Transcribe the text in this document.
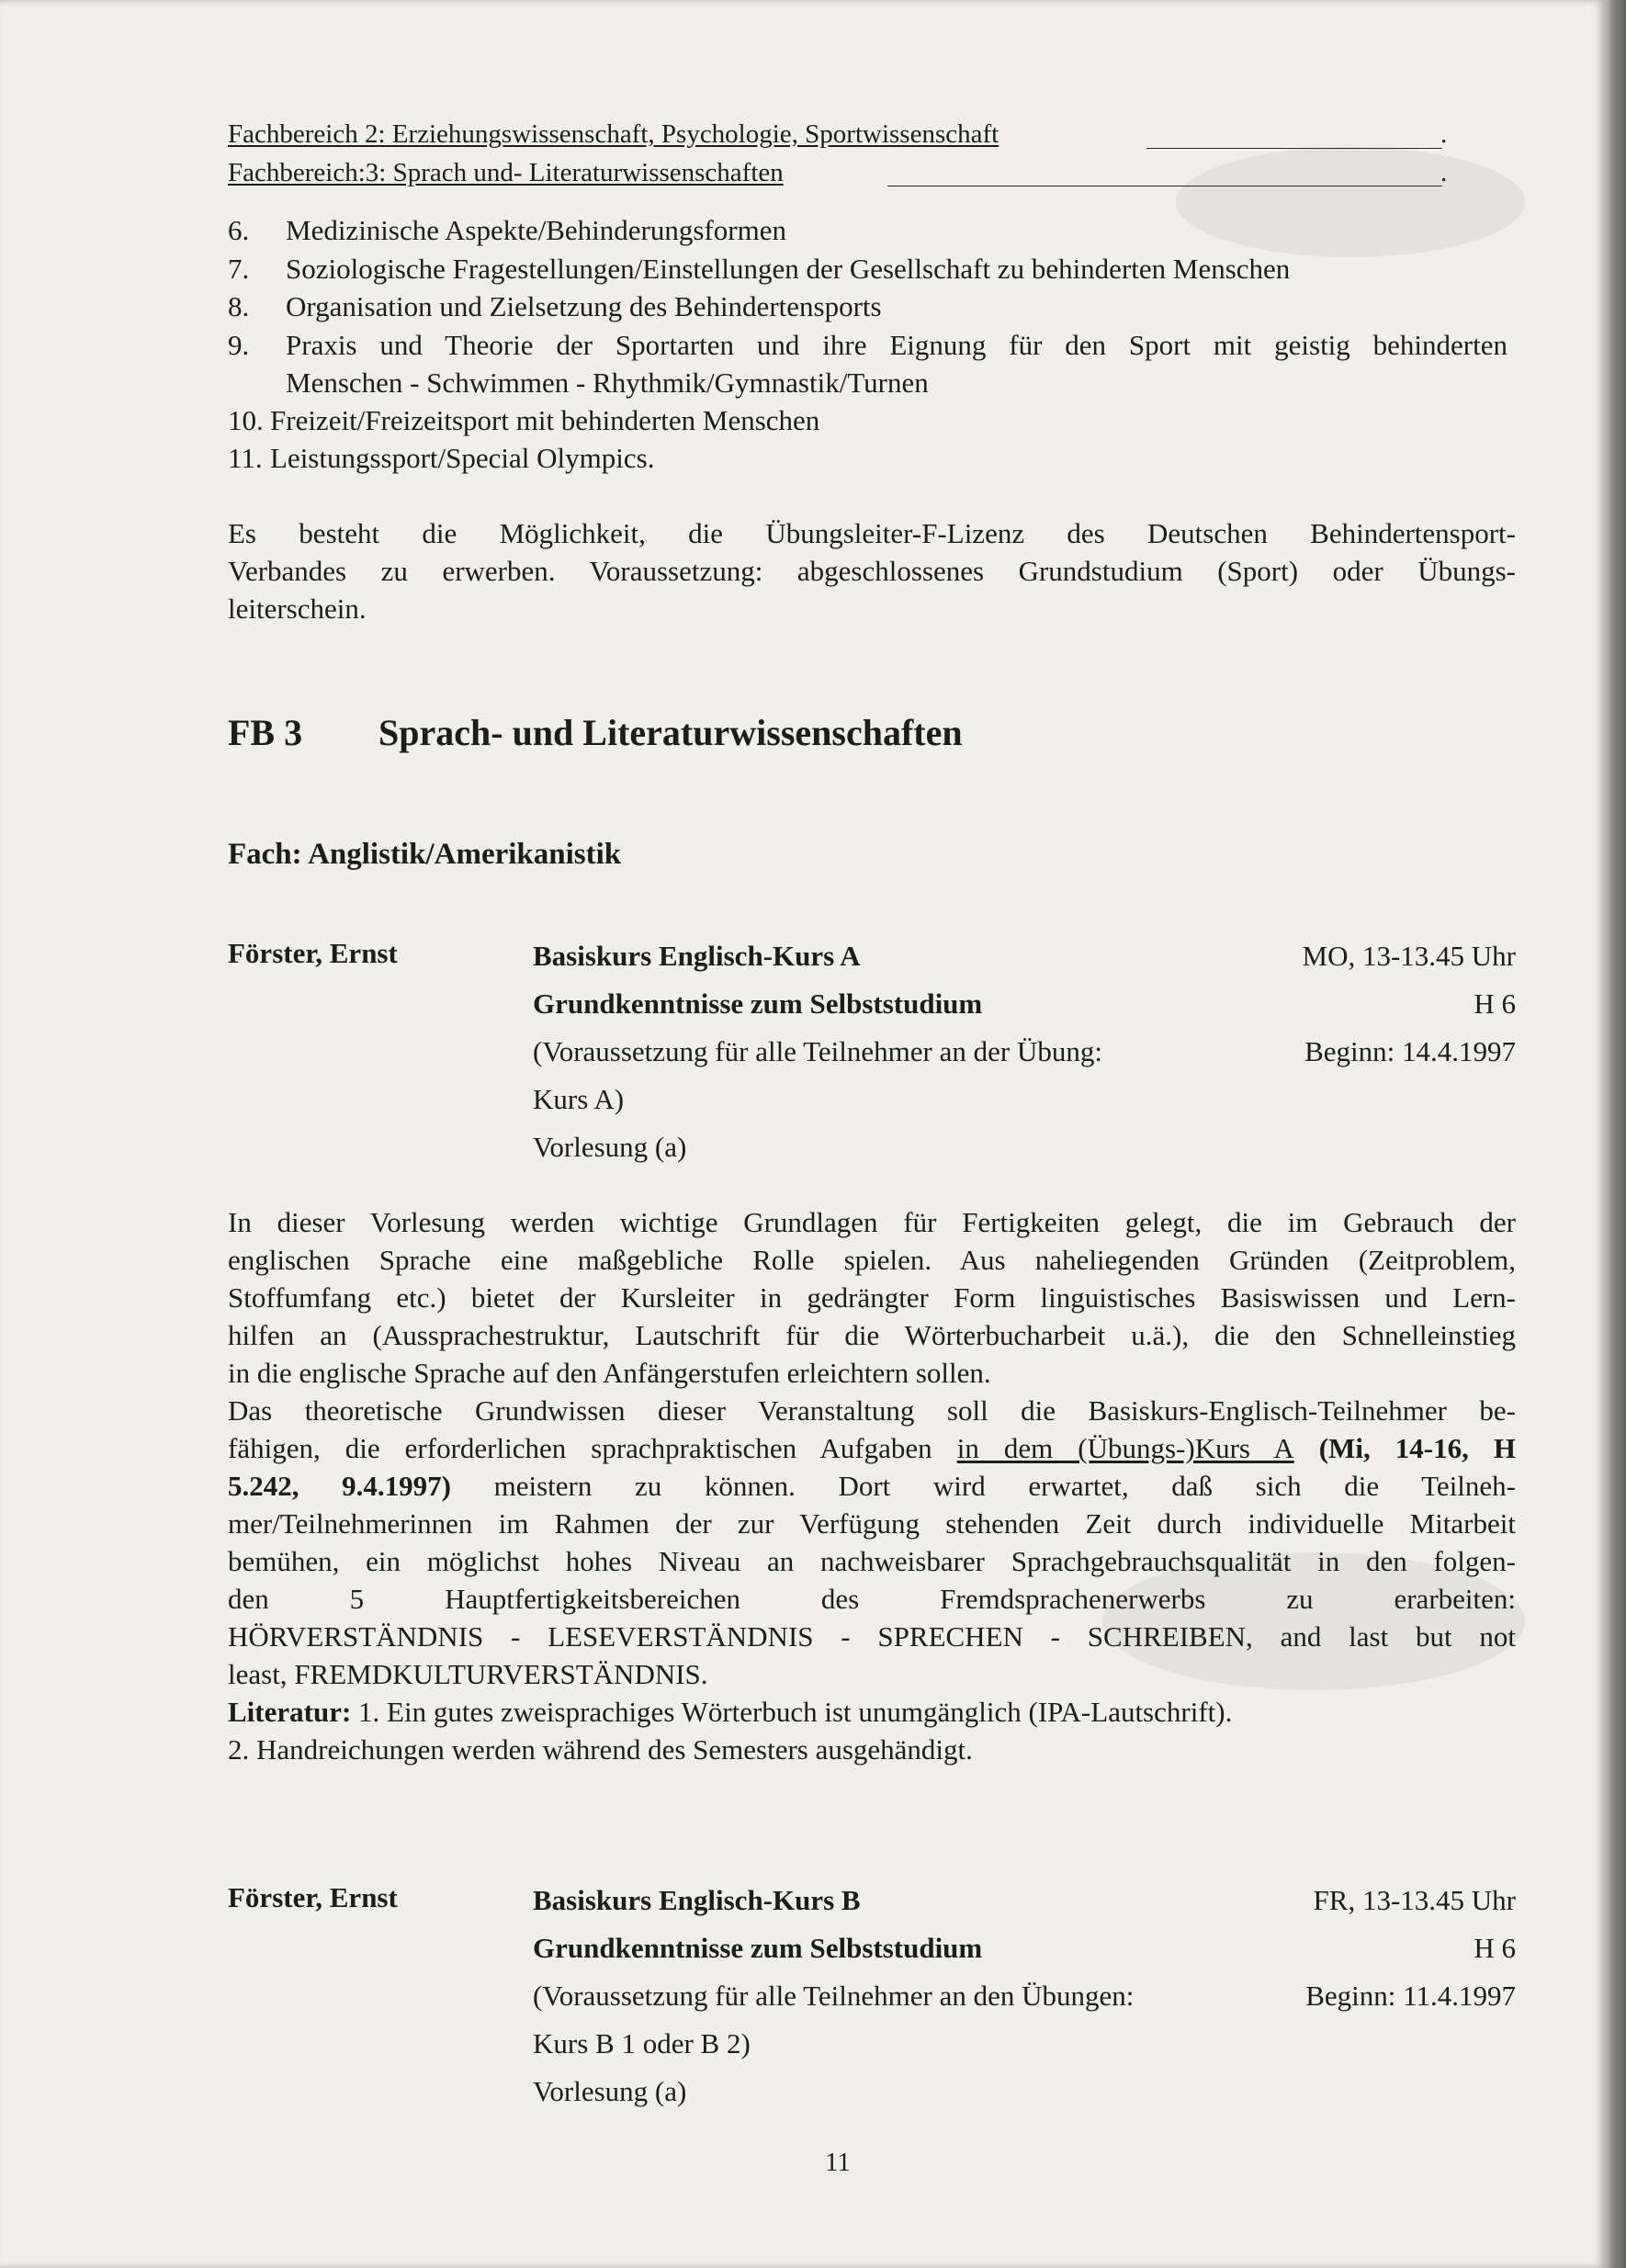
Fachbereich 2: Erziehungswissenschaft, Psychologie, Sportwissenschaft	.
Fachbereich:3: Sprach und- Literaturwissenschaften	.
6. Medizinische Aspekte/Behinderungsformen
7. Soziologische Fragestellungen/Einstellungen der Gesellschaft zu behinderten Menschen
8. Organisation und Zielsetzung des Behindertensports
9. Praxis und Theorie der Sportarten und ihre Eignung für den Sport mit geistig behinderten
Menschen - Schwimmen - Rhythmik/Gymnastik/Turnen
10. Freizeit/Freizeitsport mit behinderten Menschen
11. Leistungssport/Special Olympics.
Es besteht die Möglichkeit, die Übungsleiter-F-Lizenz des Deutschen Behindertensport-
Verbandes zu erwerben. Voraussetzung: abgeschlossenes Grundstudium (Sport) oder Übungs-
leiterschein.
FB 3 Sprach- und Literaturwissenschaften
Fach: Anglistik/Amerikanistik
Förster, Ernst	Basiskurs Englisch-Kurs A	MO, 13-13.45 Uhr
Grundkenntnisse zum Selbststudium	H 6
(Voraussetzung für alle Teilnehmer an der Übung:	Beginn: 14.4.1997
Kurs A)
Vorlesung (a)
In dieser Vorlesung werden wichtige Grundlagen für Fertigkeiten gelegt, die im Gebrauch der
englischen Sprache eine maßgebliche Rolle spielen. Aus naheliegenden Gründen (Zeitproblem,
Stoffumfang etc.) bietet der Kursleiter in gedrängter Form linguistisches Basiswissen und Lern-
hilfen an (Aussprachestruktur, Lautschrift für die Wörterbucharbeit u.ä.), die den Schnelleinstieg
in die englische Sprache auf den Anfängerstufen erleichtern sollen.
Das theoretische Grundwissen dieser Veranstaltung soll die Basiskurs-Englisch-Teilnehmer be-
fähigen, die erforderlichen sprachpraktischen Aufgaben in dem (Übungs-)Kurs A (Mi, 14-16, H
5.242, 9.4.1997) meistern zu können. Dort wird erwartet, daß sich die Teilneh-
mer/Teilnehmerinnen im Rahmen der zur Verfügung stehenden Zeit durch individuelle Mitarbeit
bemühen, ein möglichst hohes Niveau an nachweisbarer Sprachgebrauchsqualität in den folgen-
den 5 Hauptfertigkeitsbereichen des Fremdsprachenerwerbs zu erarbeiten:
HÖRVERSTÄNDNIS - LESEVERSTÄNDNIS - SPRECHEN - SCHREIBEN, and last but not
least, FREMDKULTURVERSTÄNDNIS.
Literatur: 1. Ein gutes zweisprachiges Wörterbuch ist unumgänglich (IPA-Lautschrift).
2. Handreichungen werden während des Semesters ausgehändigt.
Förster, Ernst	Basiskurs Englisch-Kurs B	FR, 13-13.45 Uhr
Grundkenntnisse zum Selbststudium	H 6
(Voraussetzung für alle Teilnehmer an den Übungen:	Beginn: 11.4.1997
Kurs B 1 oder B 2)
Vorlesung (a)
11
